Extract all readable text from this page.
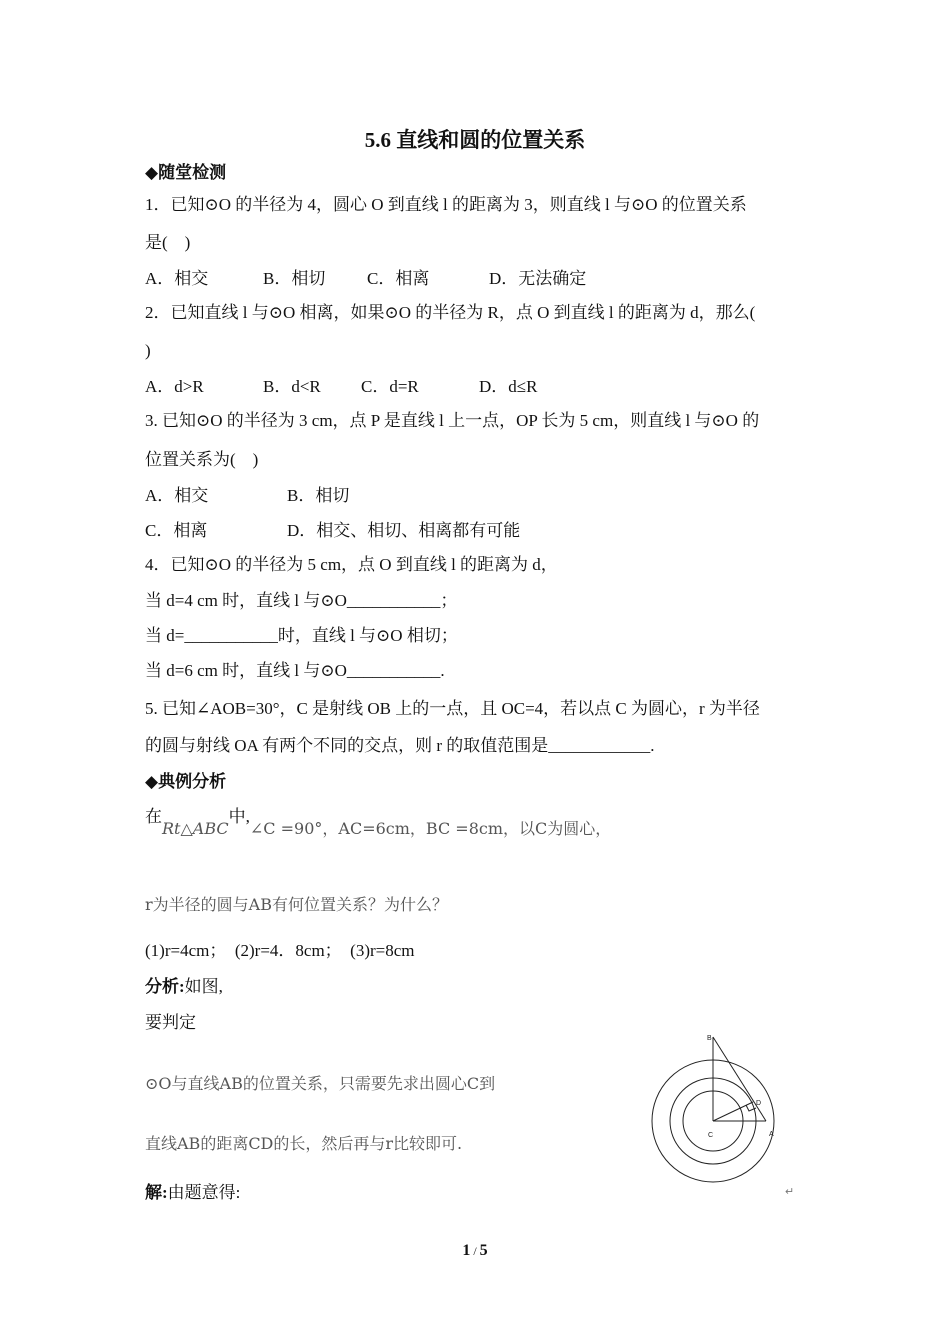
5.6 直线和圆的位置关系
◆随堂检测
1．已知⊙O 的半径为 4，圆心 O 到直线 l 的距离为 3，则直线 l 与⊙O 的位置关系
是(　)
A．相交	B．相切 C．相离	D．无法确定
2．已知直线 l 与⊙O 相离，如果⊙O 的半径为 R，点 O 到直线 l 的距离为 d，那么(
)
A．d>R	B．d<R C．d=R	D．d≤R
3. 已知⊙O 的半径为 3 cm，点 P 是直线 l 上一点，OP 长为 5 cm，则直线 l 与⊙O 的
位置关系为(　)
A．相交	B．相切
C．相离	D．相交、相切、相离都有可能
4．已知⊙O 的半径为 5 cm，点 O 到直线 l 的距离为 d，
当 d=4 cm 时，直线 l 与⊙O___________；
当 d=___________时，直线 l 与⊙O 相切；
当 d=6 cm 时，直线 l 与⊙O___________.
5. 已知∠AOB=30°，C 是射线 OB 上的一点，且 OC=4，若以点 C 为圆心，r 为半径
的圆与射线 OA 有两个不同的交点，则 r 的取值范围是____________.
◆典例分析
在Rt△ABC中,∠C =90°，AC=6cm，BC =8cm，以C为圆心，
r为半径的圆与AB有何位置关系？为什么？
(1)r=4cm；　(2)r=4．8cm；　(3)r=8cm
分析:如图,
要判定
⊙O与直线AB的位置关系，只需要先求出圆心C到
直线AB的距离CD的长，然后再与r比较即可.
解:由题意得:
B
D
C	A
↵
1 / 5
